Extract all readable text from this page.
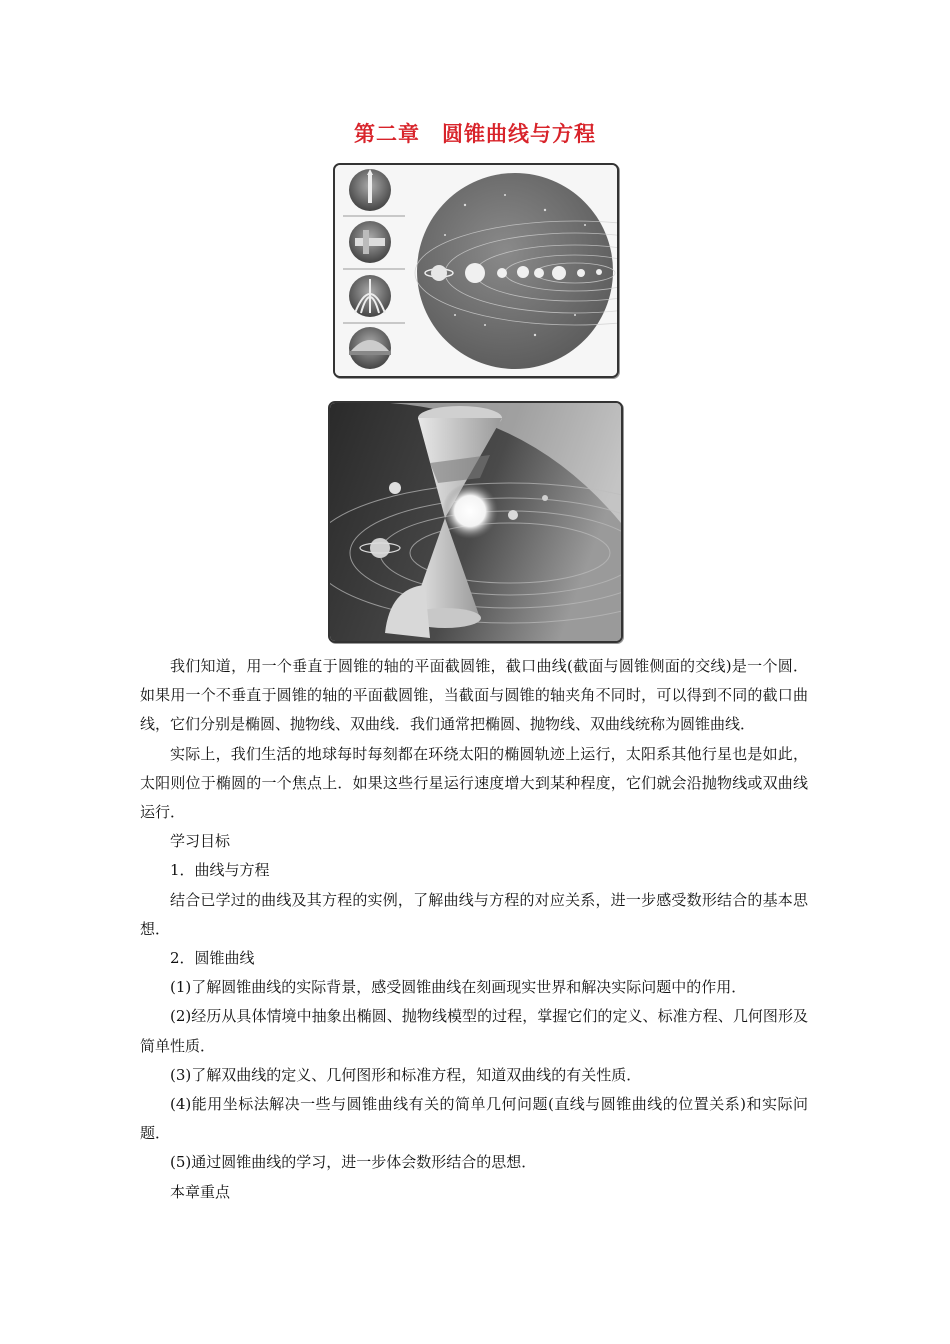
第二章　圆锥曲线与方程

我们知道，用一个垂直于圆锥的轴的平面截圆锥，截口曲线(截面与圆锥侧面的交线)是一个圆．如果用一个不垂直于圆锥的轴的平面截圆锥，当截面与圆锥的轴夹角不同时，可以得到不同的截口曲线，它们分别是椭圆、抛物线、双曲线．我们通常把椭圆、抛物线、双曲线统称为圆锥曲线．

实际上，我们生活的地球每时每刻都在环绕太阳的椭圆轨迹上运行，太阳系其他行星也是如此，太阳则位于椭圆的一个焦点上．如果这些行星运行速度增大到某种程度，它们就会沿抛物线或双曲线运行．

学习目标

1．曲线与方程

结合已学过的曲线及其方程的实例，了解曲线与方程的对应关系，进一步感受数形结合的基本思想．

2．圆锥曲线

(1)了解圆锥曲线的实际背景，感受圆锥曲线在刻画现实世界和解决实际问题中的作用．

(2)经历从具体情境中抽象出椭圆、抛物线模型的过程，掌握它们的定义、标准方程、几何图形及简单性质．

(3)了解双曲线的定义、几何图形和标准方程，知道双曲线的有关性质．

(4)能用坐标法解决一些与圆锥曲线有关的简单几何问题(直线与圆锥曲线的位置关系)和实际问题．

(5)通过圆锥曲线的学习，进一步体会数形结合的思想．

本章重点
